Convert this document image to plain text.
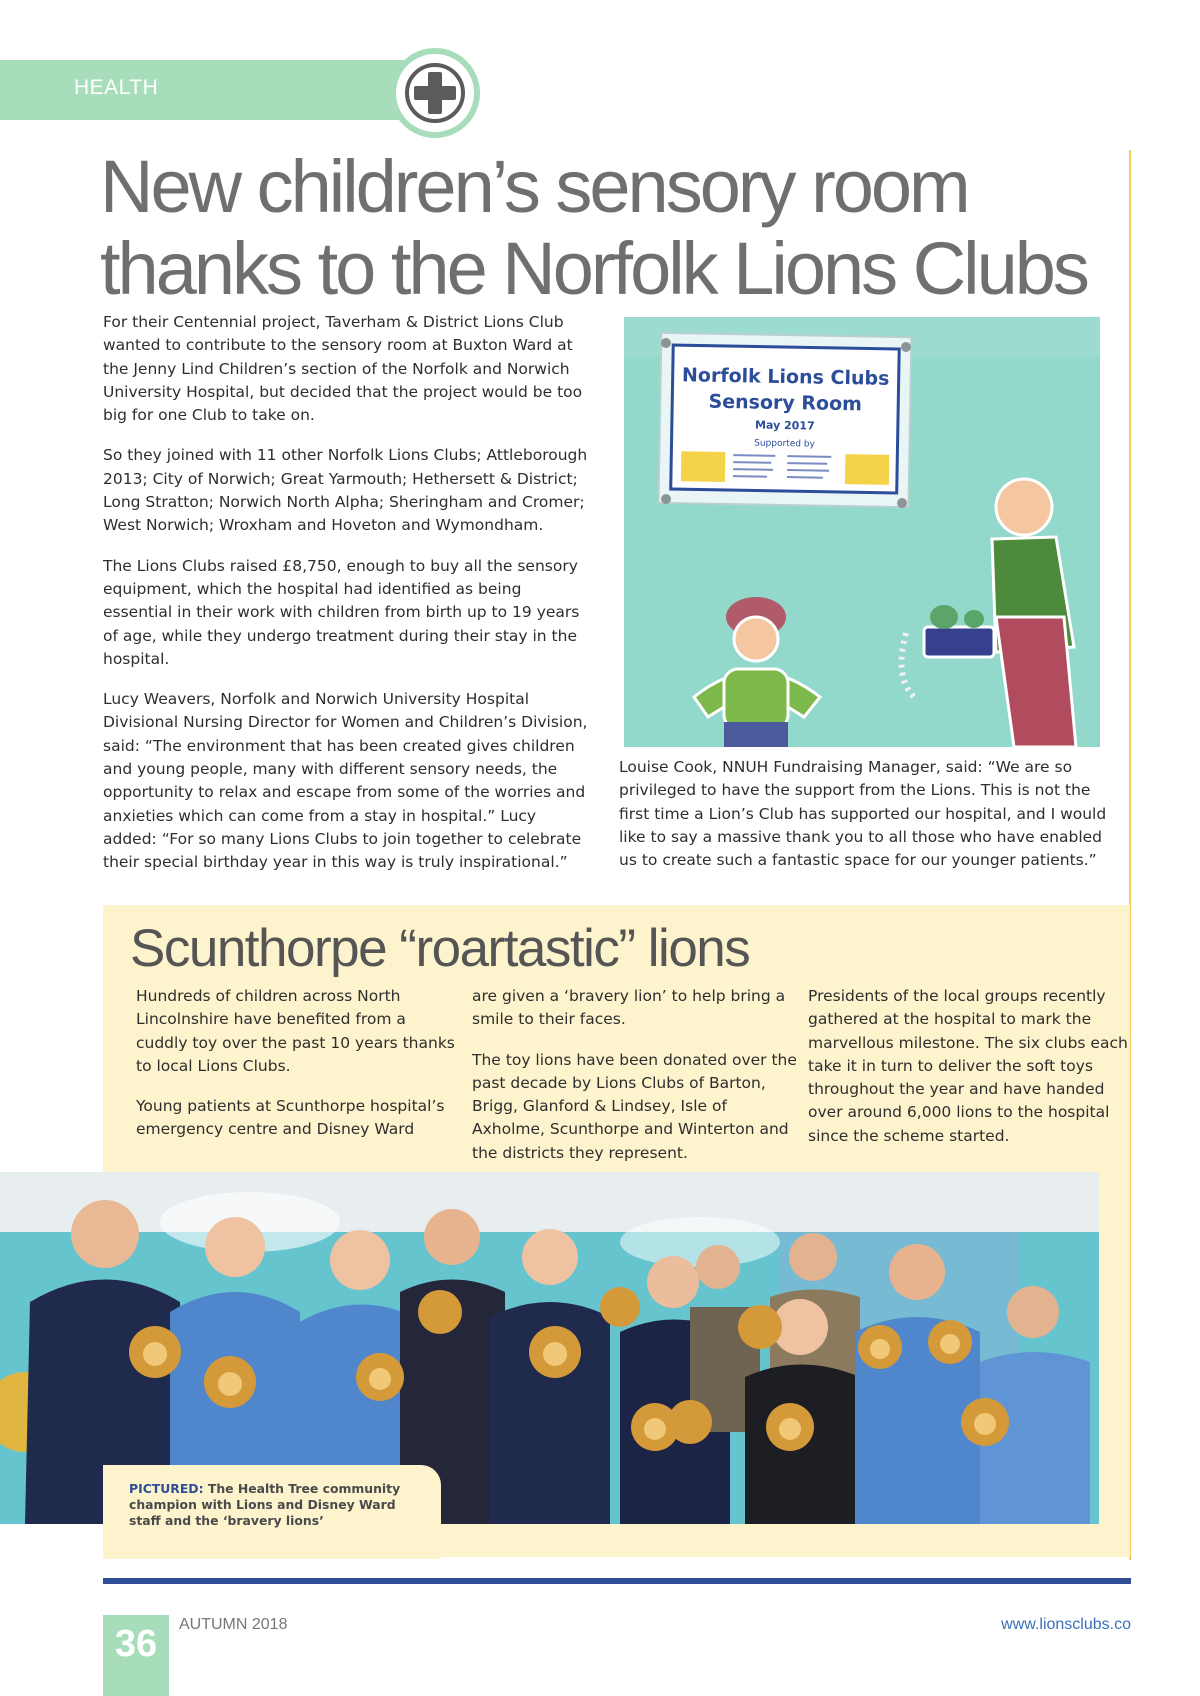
HEALTH
New children’s sensory room thanks to the Norfolk Lions Clubs

For their Centennial project, Taverham & District Lions Club wanted to contribute to the sensory room at Buxton Ward at the Jenny Lind Children’s section of the Norfolk and Norwich University Hospital, but decided that the project would be too big for one Club to take on.

So they joined with 11 other Norfolk Lions Clubs; Attleborough 2013; City of Norwich; Great Yarmouth; Hethersett & District; Long Stratton; Norwich North Alpha; Sheringham and Cromer; West Norwich; Wroxham and Hoveton and Wymondham.

The Lions Clubs raised £8,750, enough to buy all the sensory equipment, which the hospital had identified as being essential in their work with children from birth up to 19 years of age, while they undergo treatment during their stay in the hospital.

Lucy Weavers, Norfolk and Norwich University Hospital Divisional Nursing Director for Women and Children’s Division, said: “The environment that has been created gives children and young people, many with different sensory needs, the opportunity to relax and escape from some of the worries and anxieties which can come from a stay in hospital.” Lucy added: “For so many Lions Clubs to join together to celebrate their special birthday year in this way is truly inspirational.”

Norfolk Lions Clubs
Sensory Room
May 2017
Supported by
Louise Cook, NNUH Fundraising Manager, said: “We are so privileged to have the support from the Lions. This is not the first time a Lion’s Club has supported our hospital, and I would like to say a massive thank you to all those who have enabled us to create such a fantastic space for our younger patients.”
Scunthorpe “roartastic” lions

Hundreds of children across North Lincolnshire have benefited from a cuddly toy over the past 10 years thanks to local Lions Clubs.

Young patients at Scunthorpe hospital’s emergency centre and Disney Ward

are given a ‘bravery lion’ to help bring a smile to their faces.

The toy lions have been donated over the past decade by Lions Clubs of Barton, Brigg, Glanford & Lindsey, Isle of Axholme, Scunthorpe and Winterton and the districts they represent.

Presidents of the local groups recently gathered at the hospital to mark the marvellous milestone. The six clubs each take it in turn to deliver the soft toys throughout the year and have handed over around 6,000 lions to the hospital since the scheme started.

PICTURED: The Health Tree community champion with Lions and Disney Ward staff and the ‘bravery lions’
36 AUTUMN 2018	www.lionsclubs.co
